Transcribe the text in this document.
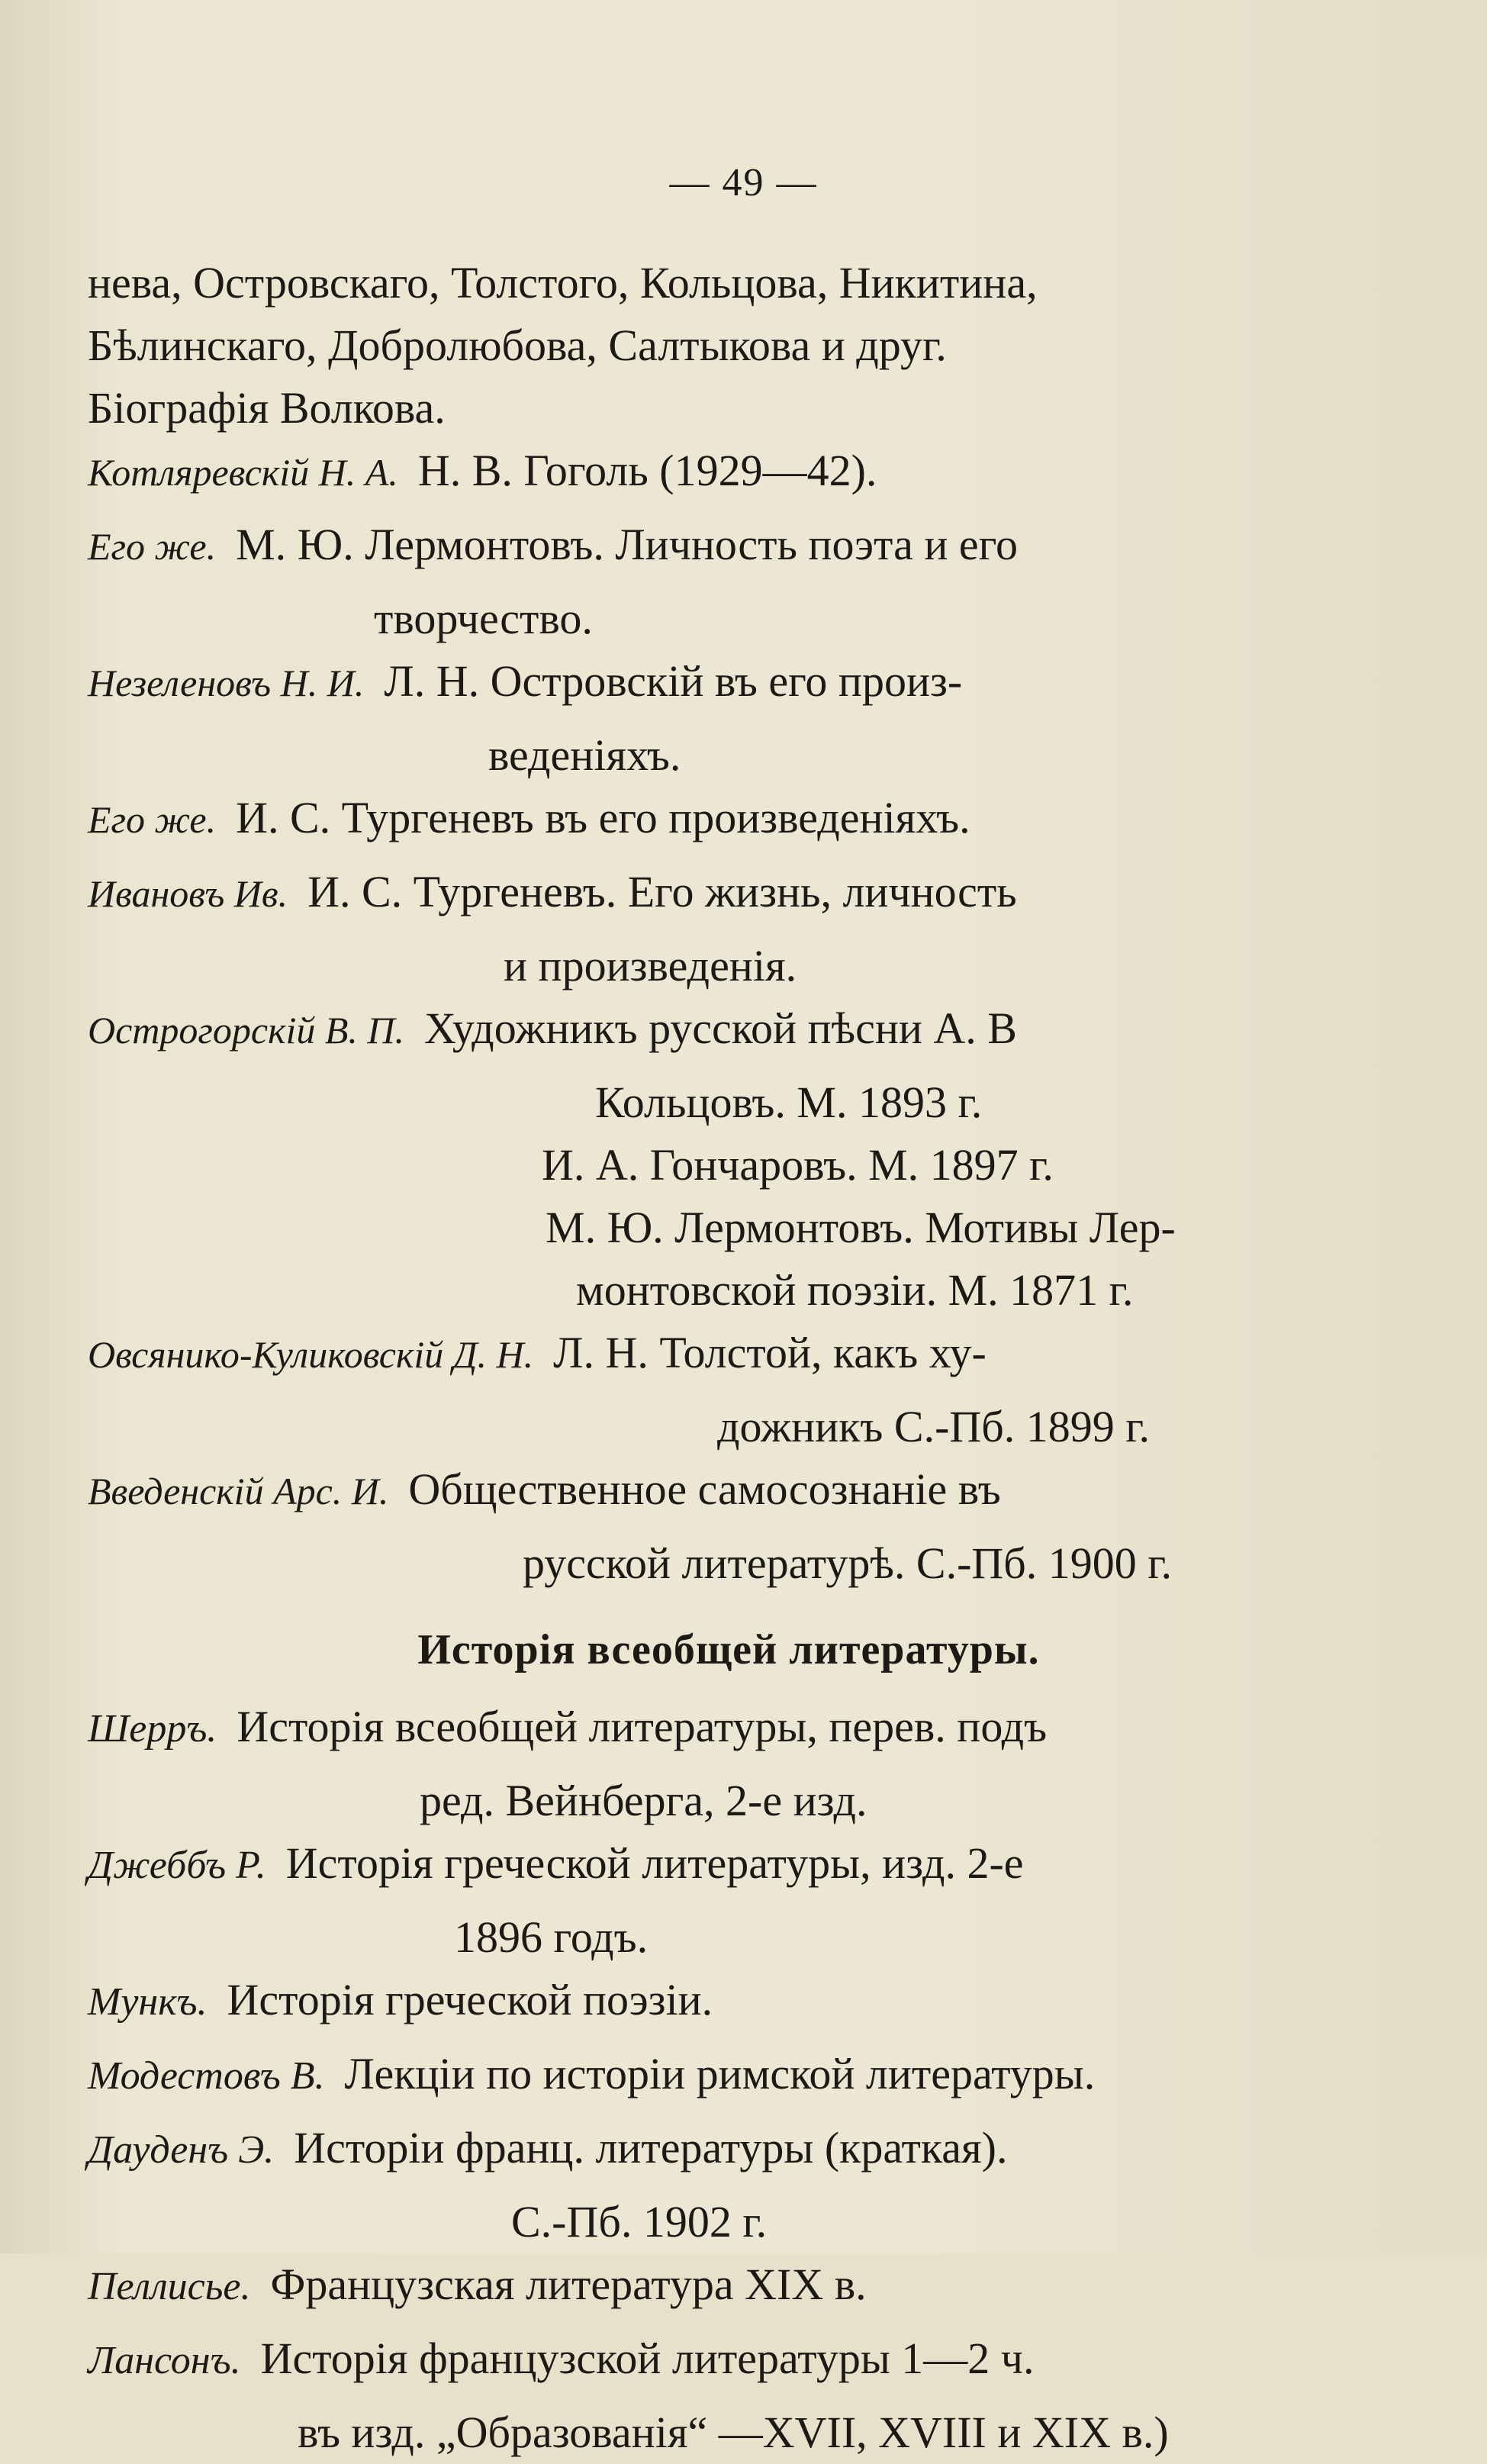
— 49 —
нева, Островскаго, Толстого, Кольцова, Никитина,
Бѣлинскаго, Добролюбова, Салтыкова и друг.
Біографія Волкова.
Котляревскій Н. А. Н. В. Гоголь (1929—42).
Его же. М. Ю. Лермонтовъ. Личность поэта и его
творчество.
Незеленовъ Н. И. Л. Н. Островскій въ его произ-
веденіяхъ.
Его же. И. С. Тургеневъ въ его произведеніяхъ.
Ивановъ Ив. И. С. Тургеневъ. Его жизнь, личность
и произведенія.
Острогорскій В. П. Художникъ русской пѣсни А. В
Кольцовъ. М. 1893 г.
И. А. Гончаровъ. М. 1897 г.
М. Ю. Лермонтовъ. Мотивы Лер-
монтовской поэзіи. М. 1871 г.
Овсянико-Куликовскій Д. Н. Л. Н. Толстой, какъ ху-
дожникъ С.-Пб. 1899 г.
Введенскій Арс. И. Общественное самосознаніе въ
русской литературѣ. С.-Пб. 1900 г.
Исторія всеобщей литературы.
Шерръ. Исторія всеобщей литературы, перев. подъ
ред. Вейнберга, 2-е изд.
Джеббъ Р. Исторія греческой литературы, изд. 2-е
1896 годъ.
Мункъ. Исторія греческой поэзіи.
Модестовъ В. Лекціи по исторіи римской литературы.
Дауденъ Э. Исторіи франц. литературы (краткая).
С.-Пб. 1902 г.
Пеллисье. Французская литература XIX в.
Лансонъ. Исторія французской литературы 1—2 ч.
въ изд. „Образованія“ —XVII, XVIII и XIX в.)
